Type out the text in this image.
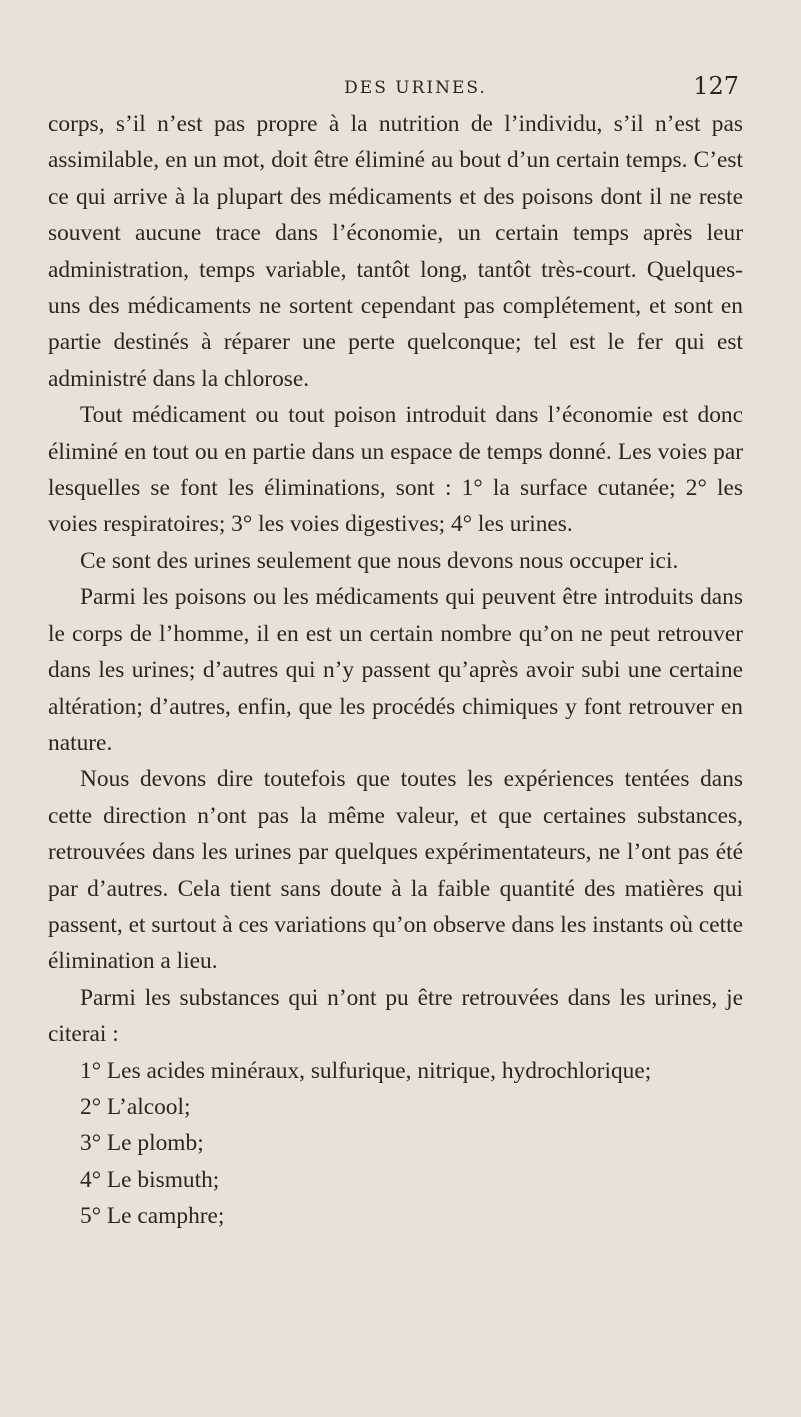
DES URINES.	127

corps, s’il n’est pas propre à la nutrition de l’individu, s’il n’est pas assimilable, en un mot, doit être éliminé au bout d’un certain temps. C’est ce qui arrive à la plupart des médicaments et des poisons dont il ne reste souvent aucune trace dans l’économie, un certain temps après leur administration, temps variable, tantôt long, tantôt très-court. Quelques-uns des médicaments ne sortent cependant pas complétement, et sont en partie destinés à réparer une perte quelconque; tel est le fer qui est administré dans la chlorose.

Tout médicament ou tout poison introduit dans l’économie est donc éliminé en tout ou en partie dans un espace de temps donné. Les voies par lesquelles se font les éliminations, sont : 1° la surface cutanée; 2° les voies respiratoires; 3° les voies digestives; 4° les urines.

Ce sont des urines seulement que nous devons nous occuper ici.

Parmi les poisons ou les médicaments qui peuvent être introduits dans le corps de l’homme, il en est un certain nombre qu’on ne peut retrouver dans les urines; d’autres qui n’y passent qu’après avoir subi une certaine altération; d’autres, enfin, que les procédés chimiques y font retrouver en nature.

Nous devons dire toutefois que toutes les expériences tentées dans cette direction n’ont pas la même valeur, et que certaines substances, retrouvées dans les urines par quelques expérimentateurs, ne l’ont pas été par d’autres. Cela tient sans doute à la faible quantité des matières qui passent, et surtout à ces variations qu’on observe dans les instants où cette élimination a lieu.

Parmi les substances qui n’ont pu être retrouvées dans les urines, je citerai :

1° Les acides minéraux, sulfurique, nitrique, hydrochlorique;

2° L’alcool;

3° Le plomb;

4° Le bismuth;

5° Le camphre;
